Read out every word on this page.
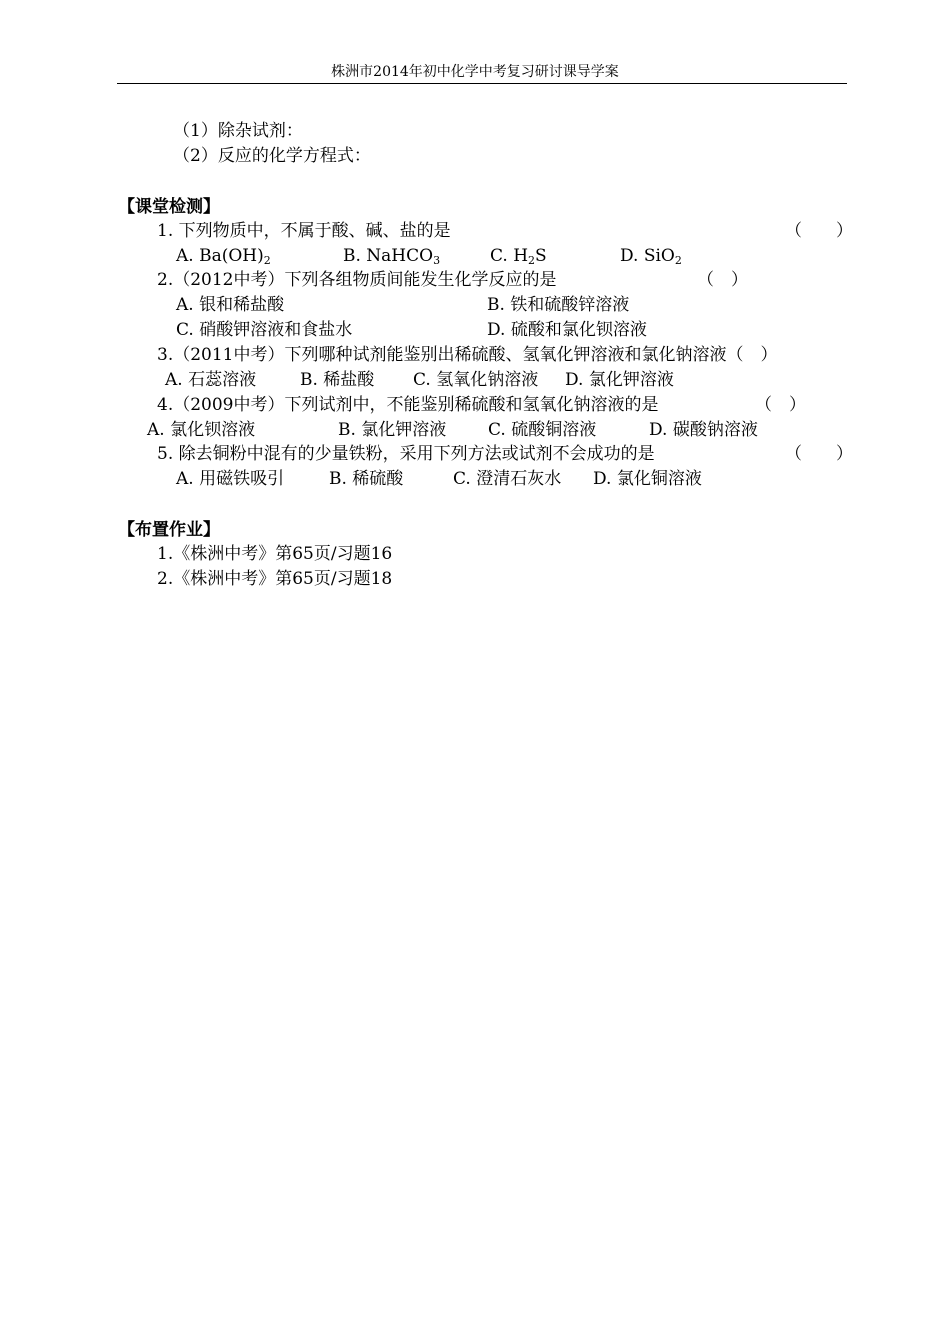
株洲市2014年初中化学中考复习研讨课导学案
（1）除杂试剂：
（2）反应的化学方程式：
【课堂检测】
1. 下列物质中，不属于酸、碱、盐的是	（　　）
A. $Ba(OH)_2$	B. NaHCO$_3$	C. $H_2S$	D. SiO$_2$
2.（2012中考）下列各组物质间能发生化学反应的是	（　）
A. 银和稀盐酸	B. 铁和硫酸锌溶液
C. 硝酸钾溶液和食盐水	D. 硫酸和氯化钡溶液
3.（2011中考）下列哪种试剂能鉴别出稀硫酸、氢氧化钾溶液和氯化钠溶液（　）
A. 石蕊溶液	B. 稀盐酸 C. 氢氧化钠溶液 D. 氯化钾溶液
4.（2009中考）下列试剂中，不能鉴别稀硫酸和氢氧化钠溶液的是	（　）
A. 氯化钡溶液	B. 氯化钾溶液 C. 硫酸铜溶液	D. 碳酸钠溶液
5. 除去铜粉中混有的少量铁粉，采用下列方法或试剂不会成功的是	（　　）
A. 用磁铁吸引	B. 稀硫酸	C. 澄清石灰水 D. 氯化铜溶液
【布置作业】
1.《株洲中考》第65页/习题16
2.《株洲中考》第65页/习题18
